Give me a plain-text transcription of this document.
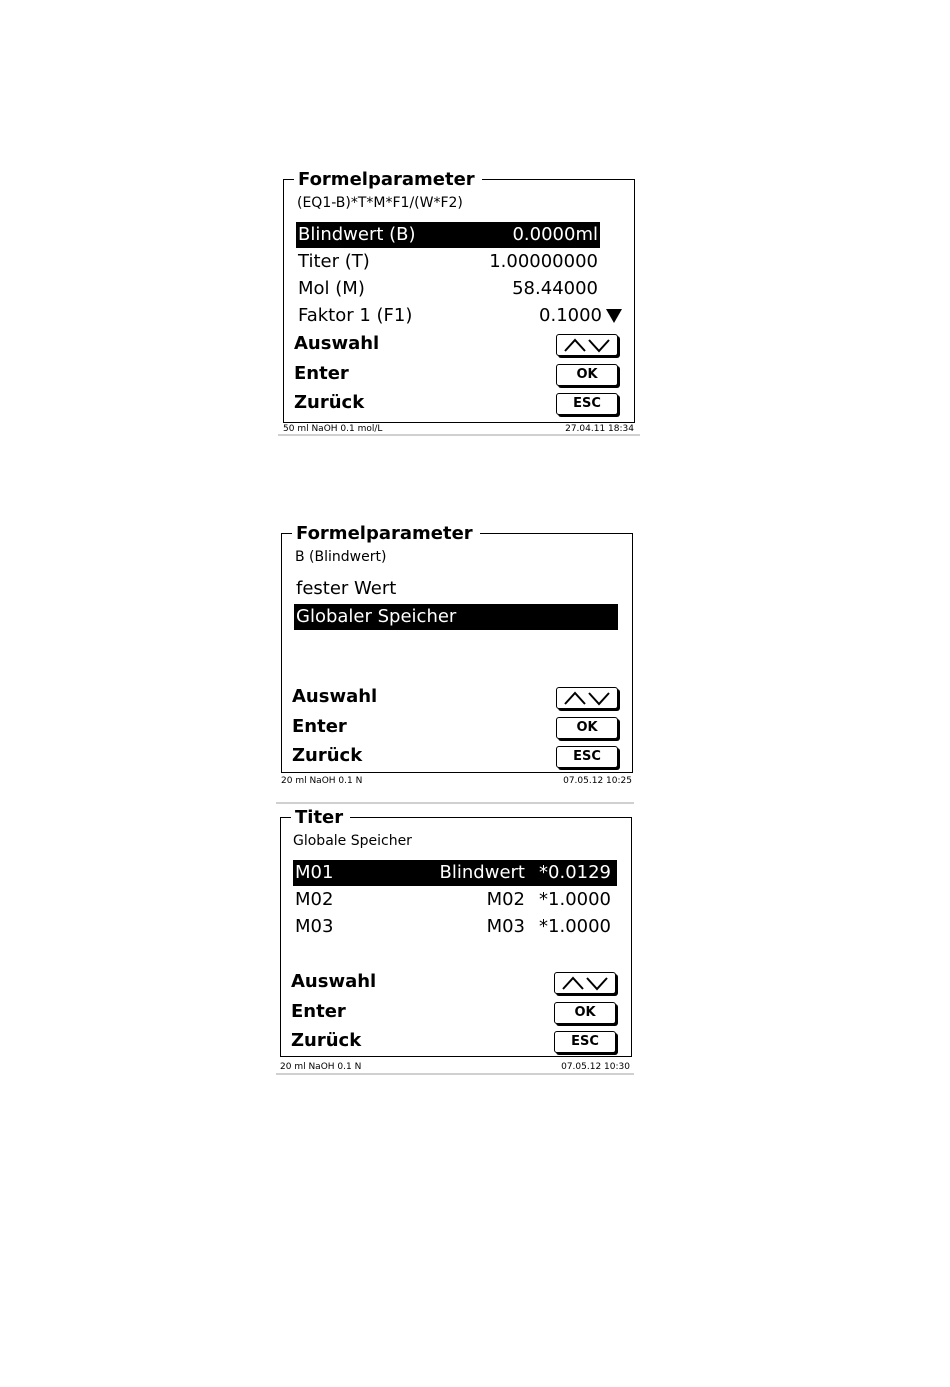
Formelparameter
(EQ1-B)*T*M*F1/(W*F2)
Blindwert (B)	0.0000ml
Titer (T)	1.00000000
Mol (M)	58.44000
Faktor 1 (F1)	0.1000
Auswahl
Enter	OK
Zurück	ESC
50 ml NaOH 0.1 mol/L	27.04.11 18:34
Formelparameter
B (Blindwert)
fester Wert
Globaler Speicher
Auswahl
Enter	OK
Zurück	ESC
20 ml NaOH 0.1 N	07.05.12 10:25
Titer
Globale Speicher
M01	Blindwert *0.0129
M02	M02 *1.0000
M03	M03 *1.0000
Auswahl
Enter	OK
Zurück	ESC
20 ml NaOH 0.1 N	07.05.12 10:30
